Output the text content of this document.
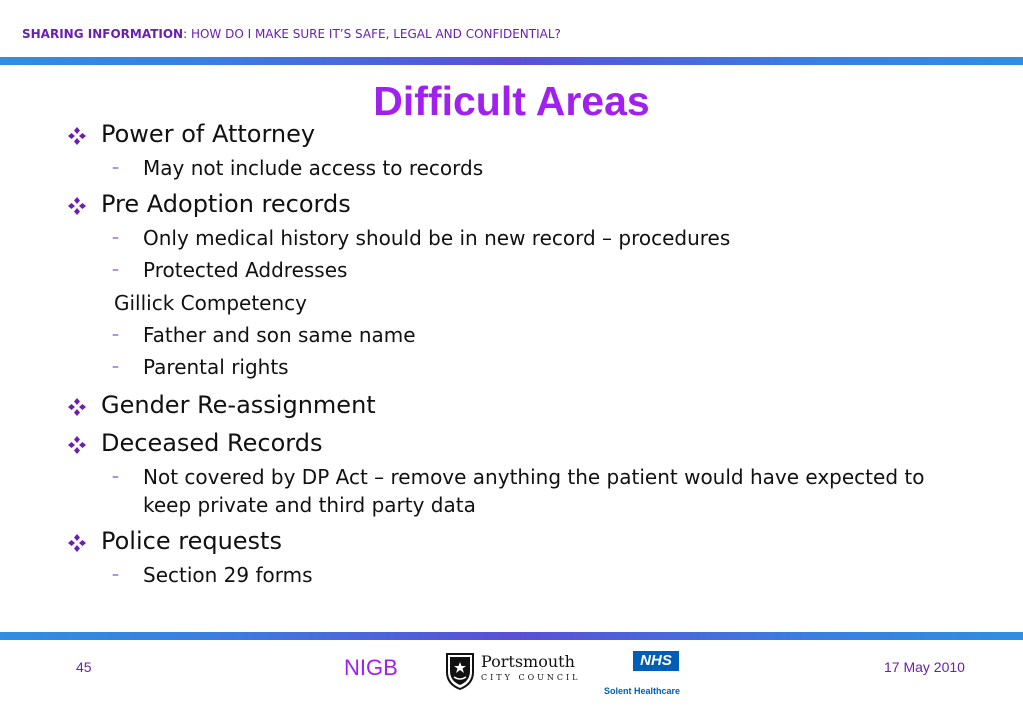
SHARING INFORMATION: HOW DO I MAKE SURE IT’S SAFE, LEGAL AND CONFIDENTIAL?
Difficult Areas
Power of Attorney
–	May not include access to records
Pre Adoption records
–	Only medical history should be in new record – procedures
–	Protected Addresses
Gillick Competency
–	Father and son same name
–	Parental rights
Gender Re-assignment
Deceased Records
–	Not covered by DP Act – remove anything the patient would have expected to keep private and third party data
Police requests
–	Section 29 forms
45	NIGB	Portsmouth
CITY COUNCIL
NHS
Solent Healthcare
17 May 2010
